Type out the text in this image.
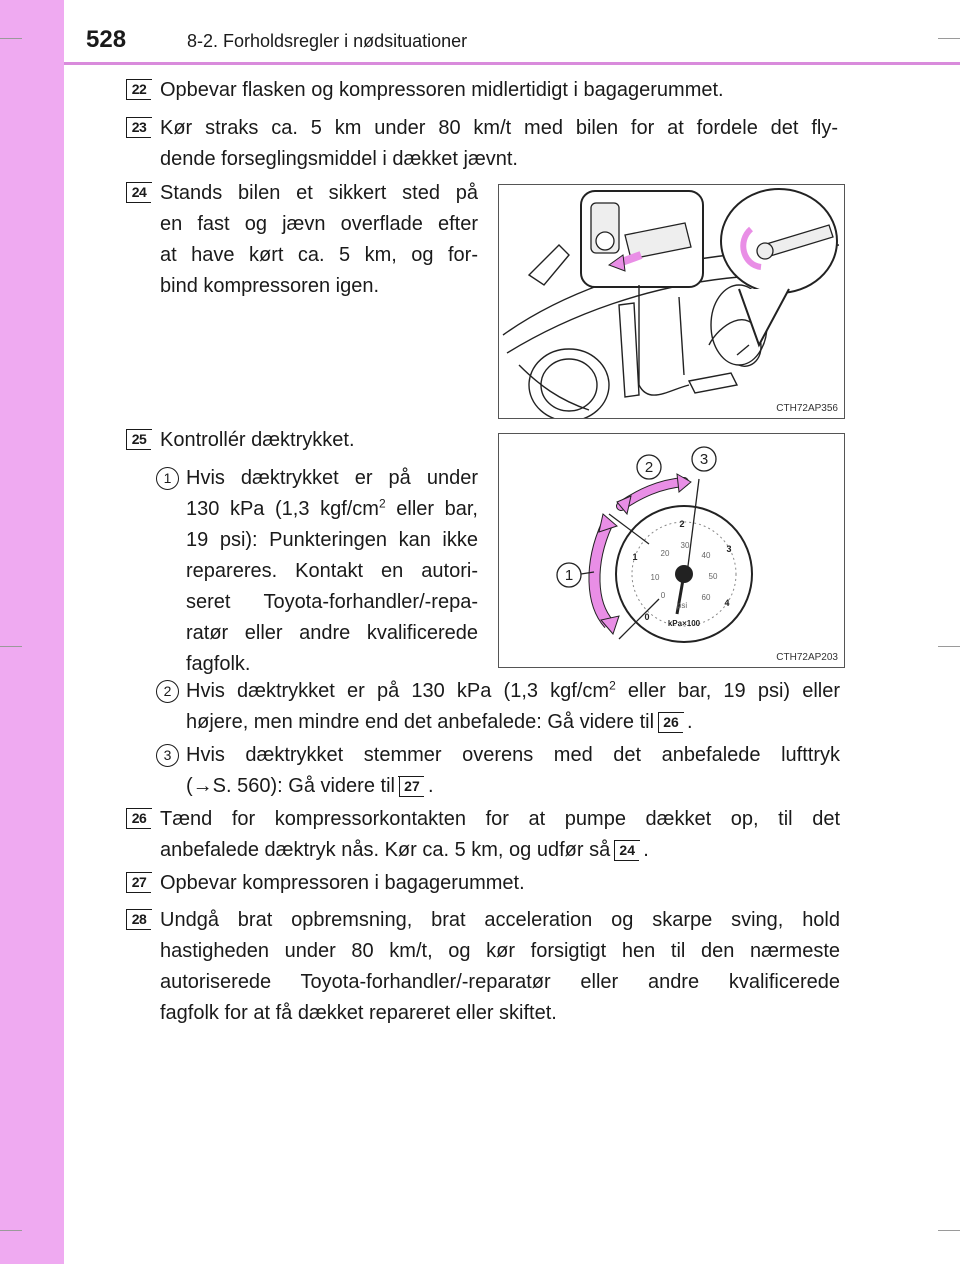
528	8-2. Forholdsregler i nødsituationer
22 Opbevar flasken og kompressoren midlertidigt i bagagerummet.
23 Kør straks ca. 5 km under 80 km/t med bilen for at fordele det fly-
dende forseglingsmiddel i dækket jævnt.
24 Stands bilen et sikkert sted på
en fast og jævn overflade efter
at have kørt ca. 5 km, og for-
bind kompressoren igen.
CTH72AP356
25 Kontrollér dæktrykket.
1 Hvis dæktrykket er på under
130 kPa (1,3 kgf/$cm^2$ eller bar,
19 psi): Punkteringen kan ikke
repareres. Kontakt en autori-
seret Toyota-forhandler/-repa-
ratør eller andre kvalificerede
fagfolk.
2	3
1
0
1
2
3
4
0
10
20
30
40
50
60
psi
kPa×100
CTH72AP203
2 Hvis dæktrykket er på 130 kPa (1,3 kgf/$cm^2$ eller bar, 19 psi) eller
højere, men mindre end det anbefalede: Gå videre til 26 .
3 Hvis dæktrykket stemmer overens med det anbefalede lufttryk
(→S. 560): Gå videre til 27 .
26 Tænd for kompressorkontakten for at pumpe dækket op, til det
anbefalede dæktryk nås. Kør ca. 5 km, og udfør så 24 .
27 Opbevar kompressoren i bagagerummet.
28 Undgå brat opbremsning, brat acceleration og skarpe sving, hold
hastigheden under 80 km/t, og kør forsigtigt hen til den nærmeste
autoriserede Toyota-forhandler/-reparatør eller andre kvalificerede
fagfolk for at få dækket repareret eller skiftet.
